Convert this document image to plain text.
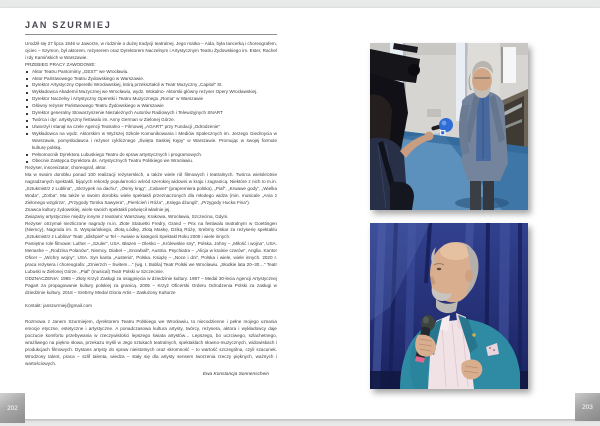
JAN SZURMIEJ

Urodził się 27 lipca 1946 w Jaworze, w rodzinie o dużej tradycji teatralnej. Jego matka – Aida, była tancerką i choreografem, ojciec – Szymon, był aktorem, reżyserem oraz Dyrektorem Naczelnym i Artystycznym Teatru Żydowskiego im. Ester, Rachel i Idy Kamińskich w Warszawie.

PRZEBIEG PRACY ZAWODOWE:

Aktor Teatru Pantomimy „GEST” we Wrocławiu.
Aktor Państwowego Teatru Żydowskiego w Warszawie.
Dyrektor Artystyczny Operetki Wrocławskiej, którą przekształcił w Teatr Muzyczny „Capitol” St.
Wykładowca Akademii Muzycznej we Wrocławiu, wydz. Wokalno- Aktorski główny reżyser Opery Wrocławskiej.
Dyrektor Naczelny i Artystyczny Operetki i Teatru Muzycznego „Roma” w Warszawie
Główny reżyser Państwowego Teatru Żydowskiego w Warszawie
Dyrektor generalny Stowarzyszenie Niezależnych Autorów Radiowych i Telewizyjnych SNART
Twórca i dyr. artystyczny festiwalu im. Anny German w Zielonej Górze.
Utworzył i stanął na czele Agencji Teatralno – Filmowej „AGART” przy Fundacji „Odrodzenie”
Wykładowca na wydz. Aktorskim w Wyższej Szkole Komunikowania i Mediów Społecznych im. Jerzego Giedroycia w Warszawie, pomysłodawca i reżyser cyklicznego „Święta Saskiej Kępy” w Warszawie. Promując w swojej formule kulturę polską.
Pełnomocnik Dyrektora Lubuskiego Teatru do spraw artystycznych i programowych.
Obecnie Zastępca Dyrektora ds. Artystycznych Teatru Polskiego we Wrocławiu.

Reżyser, inscenizator, choreograf, aktor.

Ma w swoim dorobku ponad 100 realizacji reżyserskich, a także wiele ról filmowych i teatralnych. Twórca wielokrotnie nagradzanych spektakli, bijących rekordy popularności wśród szerokiej widowni w kraju i zagranicą. Niektóre z nich to m.in. „Sztukmistrz z Lublina”, „Skrzypek na dachu”, „Ósmy krąg”, „Cabaret” (prapremiera polska), „Piaf”, „Krwawe gody”, „Wielka Woda”, „Zorba”. Ma także w swoim dorobku wiele spektakli przeznaczonych dla młodego widza (min. musicale „Ania z Zielonego wzgórza”, „Przygody Tomka Sawyera”, „Pierścień i Róża”, „Księga dżungli”, „Przygody Hucka Fina”).

Znawca kultury żydowskiej, wiele swoich spektakli poświęcił właśnie jej.

Związany artystycznie między innymi z teatrami: Warszawy, Krakowa, Wrocławia, Szczecina, Gdyni.

Reżyser otrzymał niezliczone nagrody m.in. Złote Statuetki Fredry, Grand – Prix na festiwalu teatralnym w Goettingen (Niemcy), Nagroda im. S. Wyspiańskiego, Złotą Łódkę, Złotą Maskę, Dziką Różę, Srebrny Oskar za reżyserię spektaklu „Sztukmistrz z Lublina” Teatr „Idishpiel” w Tel – Awiwie w kategorii Spektakl Roku 2008 i wiele innych.

Pamiętne role filmowe: Luther – „Szuler”, USA. Błazen – Olesko – „Królewskie sny”, Polska. Johny – „Miłość i wojna”, USA. Menashe – „Rodzina Polanów”, Niemcy. Diabeł – „Snowball”, Austria. Psychiatra – „Alicja w krainie czarów”, Anglia. Kantor Oficer – „Wichry wojny”, USA. Syn kanta „Austeria”, Polska. Książę – „Noce i dni”, Polska i wiele, wiele innych. 2020 r. praca reżysera i choreografa: „Zmierzch – Świtem…” (wg. I. Babla) Teatr Polski we Wrocławiu. „Słodkie lata 20–30…” Teatr Lubuski w Zielonej Górze. „Piaf” (musical) Teatr Polski w Szczecinie.

ODZNACZENIA: 1985 – Złoty Krzyż Zasługi za osiągnięcia w dziedzinie kultury. 1987 – Medal 30-lecia Agencji Artystycznej Pagart za propagowanie kultury polskiej za granicą. 2005 – Krzyż Oficerski Orderu Odrodzenia Polski za zasługi w dziedzinie kultury. 2018 – Srebrny Medal Gloria Artis – Zasłużony Kulturze

Kontakt: janszurmiej@gmail.com

Rozmowa z Janem Szurmiejem, dyrektorem Teatru Polskiego we Wrocławiu, to niecodzienne i pełne mojego uznania emocje etyczne, estetyczne i artystyczne. A ponadczasowa kultura artysty, twórcy, reżysera, aktora i wykładowcy daje poczucie komfortu przebywania w rzeczywistości lepszego świata artystów… Lepszego, bo uczciwego, szlachetnego, wrażliwego na piękno słowa, przekazu myśli w Jego sztukach teatralnych, spektaklach słowno-muzycznych, widowiskach i produkcjach filmowych. Dystans artysty do spraw nieistotnych oraz skromność – to wartość szczególna, czyli szacunek. Wrodzony talent, praca – szlif talenta, wiedza – stały się dla artysty sensem tworzenia rzeczy pięknych, ważnych i wartościowych.

Ewa Konstancja Sonnenschein

202	203
